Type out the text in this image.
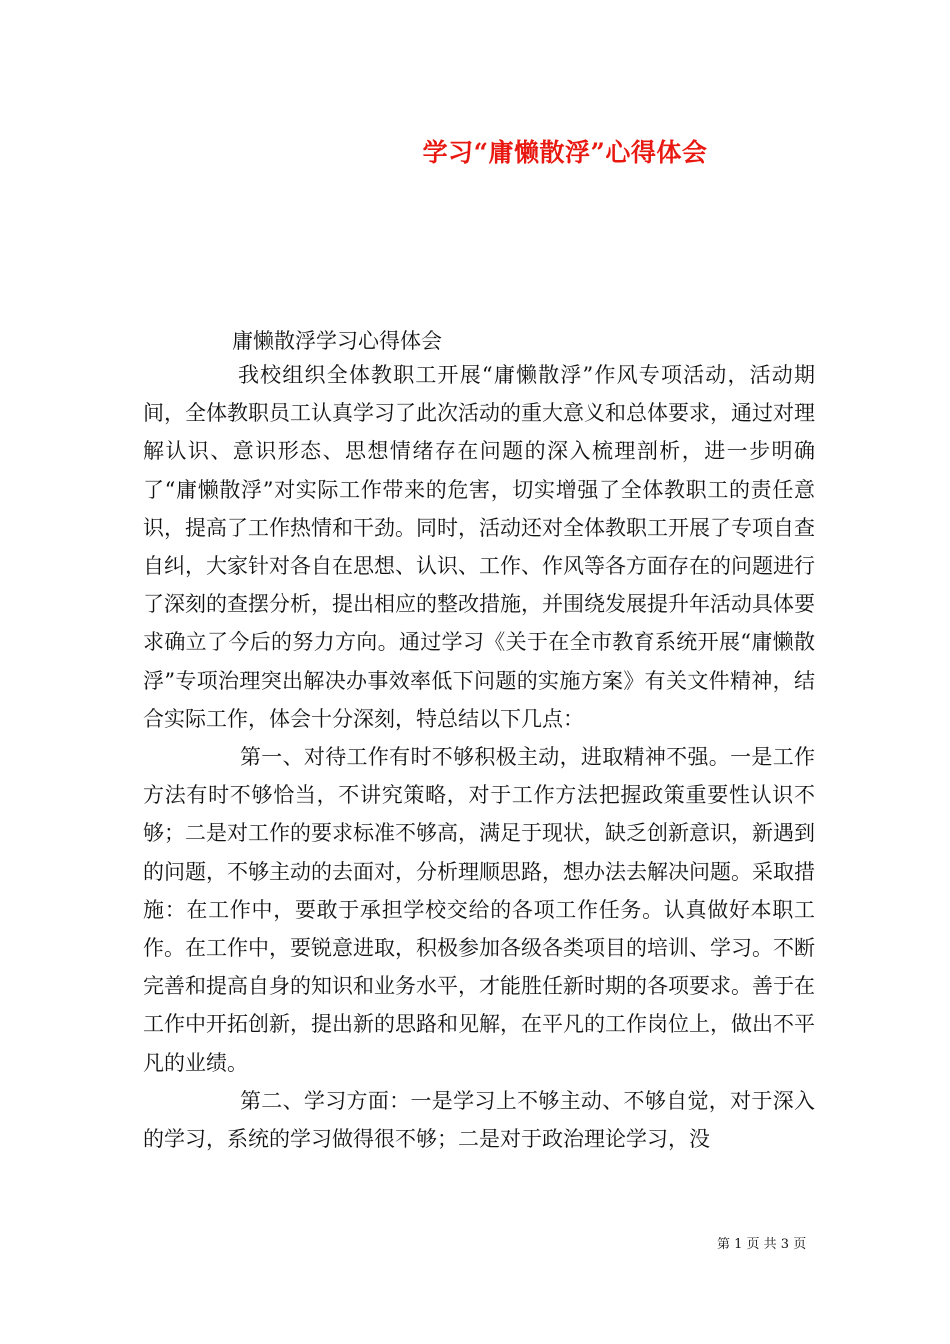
学习“庸懒散浮”心得体会
庸懒散浮学习心得体会

我校组织全体教职工开展“庸懒散浮”作风专项活动，活动期间，全体教职员工认真学习了此次活动的重大意义和总体要求，通过对理解认识、意识形态、思想情绪存在问题的深入梳理剖析，进一步明确了“庸懒散浮”对实际工作带来的危害，切实增强了全体教职工的责任意识，提高了工作热情和干劲。同时，活动还对全体教职工开展了专项自查自纠，大家针对各自在思想、认识、工作、作风等各方面存在的问题进行了深刻的查摆分析，提出相应的整改措施，并围绕发展提升年活动具体要求确立了今后的努力方向。通过学习《关于在全市教育系统开展“庸懒散浮”专项治理突出解决办事效率低下问题的实施方案》有关文件精神，结合实际工作，体会十分深刻，特总结以下几点：

第一、对待工作有时不够积极主动，进取精神不强。一是工作方法有时不够恰当，不讲究策略，对于工作方法把握政策重要性认识不够；二是对工作的要求标准不够高，满足于现状，缺乏创新意识，新遇到的问题，不够主动的去面对，分析理顺思路，想办法去解决问题。采取措施：在工作中，要敢于承担学校交给的各项工作任务。认真做好本职工作。在工作中，要锐意进取，积极参加各级各类项目的培训、学习。不断完善和提高自身的知识和业务水平，才能胜任新时期的各项要求。善于在工作中开拓创新，提出新的思路和见解，在平凡的工作岗位上，做出不平凡的业绩。

第二、学习方面：一是学习上不够主动、不够自觉，对于深入的学习，系统的学习做得很不够；二是对于政治理论学习，没

第 1 页 共 3 页
